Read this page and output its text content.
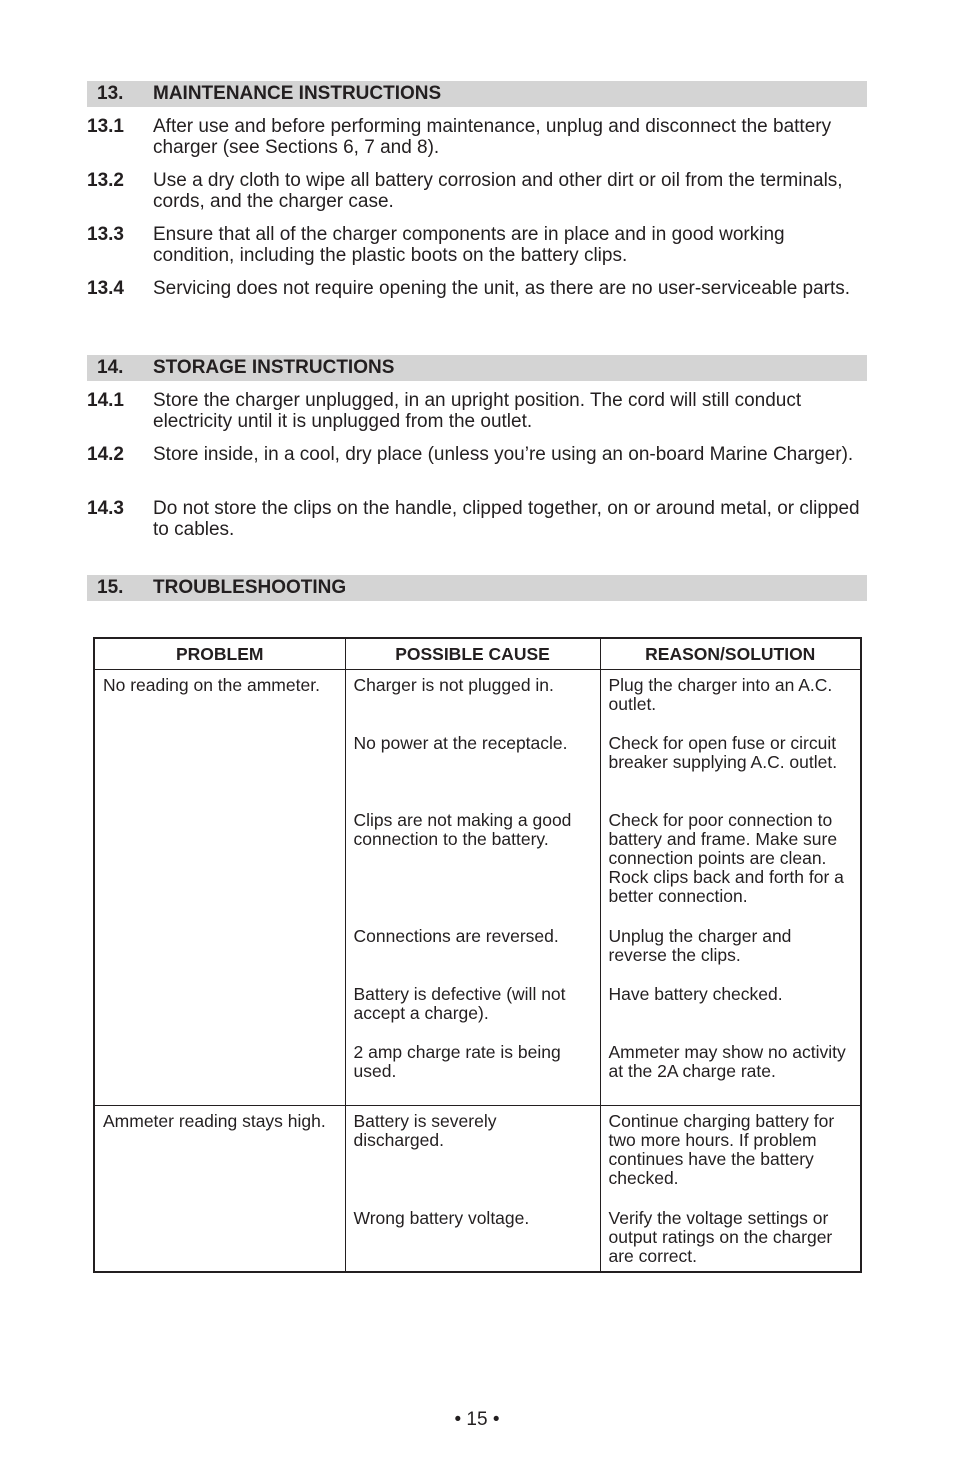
13. MAINTENANCE INSTRUCTIONS
13.1 After use and before performing maintenance, unplug and disconnect the battery charger (see Sections 6, 7 and 8).
13.2 Use a dry cloth to wipe all battery corrosion and other dirt or oil from the terminals, cords, and the charger case.
13.3 Ensure that all of the charger components are in place and in good working condition, including the plastic boots on the battery clips.
13.4 Servicing does not require opening the unit, as there are no user-serviceable parts.
14. STORAGE INSTRUCTIONS
14.1 Store the charger unplugged, in an upright position. The cord will still conduct electricity until it is unplugged from the outlet.
14.2 Store inside, in a cool, dry place (unless you’re using an on-board Marine Charger).
14.3 Do not store the clips on the handle, clipped together, on or around metal, or clipped to cables.
15. TROUBLESHOOTING
PROBLEM	POSSIBLE CAUSE	REASON/SOLUTION

No reading on the ammeter.	Charger is not plugged in.	Plug the charger into an A.C. outlet.

	No power at the receptacle.	Check for open fuse or circuit breaker supplying A.C. outlet.

	Clips are not making a good connection to the battery.	Check for poor connection to battery and frame. Make sure connection points are clean. Rock clips back and forth for a better connection.

	Connections are reversed.	Unplug the charger and reverse the clips.

	Battery is defective (will not accept a charge).	Have battery checked.

	2 amp charge rate is being used.	Ammeter may show no activity at the 2A charge rate.

Ammeter reading stays high.	Battery is severely discharged.	Continue charging battery for two more hours. If problem continues have the battery checked.

	Wrong battery voltage.	Verify the voltage settings or output ratings on the charger are correct.
• 15 •
